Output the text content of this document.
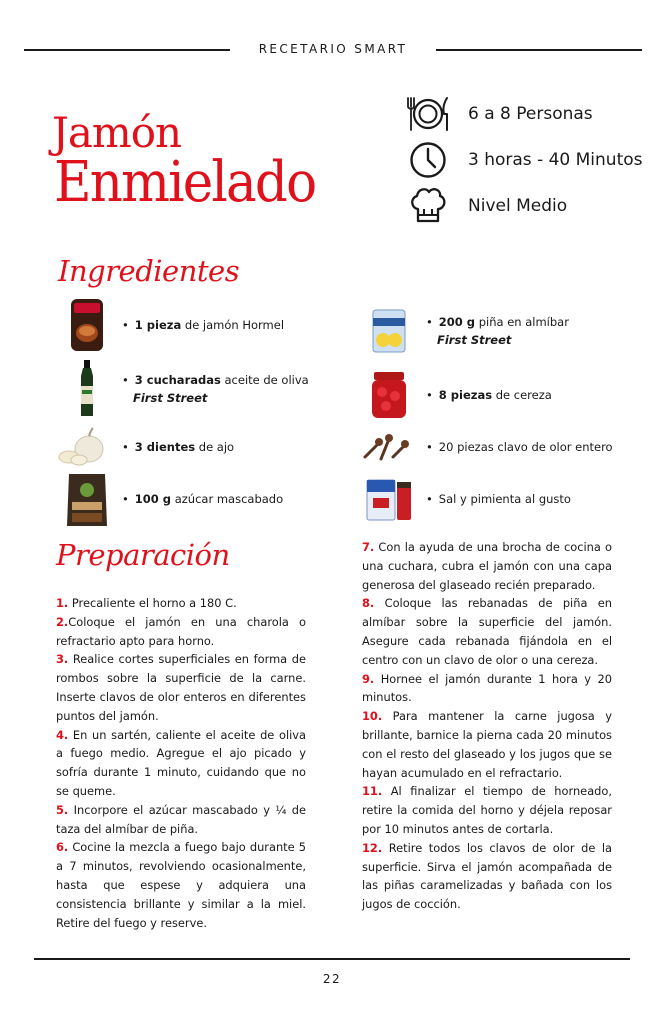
RECETARIO SMART
Jamón
Enmielado
6 a 8 Personas
3 horas - 40 Minutos
Nivel Medio
Ingredientes
• 1 pieza de jamón Hormel
• 3 cucharadas aceite de oliva
First Street
• 3 dientes de ajo
• 100 g azúcar mascabado
• 200 g piña en almíbar
First Street
• 8 piezas de cereza
• 20 piezas clavo de olor entero
• Sal y pimienta al gusto
Preparación

1. Precaliente el horno a 180 C.

2.Coloque el jamón en una charola o refractario apto para horno.

3. Realice cortes superficiales en forma de rombos sobre la superficie de la carne. Inserte clavos de olor enteros en diferentes puntos del jamón.

4. En un sartén, caliente el aceite de oliva a fuego medio. Agregue el ajo picado y sofría durante 1 minuto, cuidando que no se queme.

5. Incorpore el azúcar mascabado y ¼ de taza del almíbar de piña.

6. Cocine la mezcla a fuego bajo durante 5 a 7 minutos, revolviendo ocasionalmente, hasta que espese y adquiera una consistencia brillante y similar a la miel. Retire del fuego y reserve.

7. Con la ayuda de una brocha de cocina o una cuchara, cubra el jamón con una capa generosa del glaseado recién preparado.

8. Coloque las rebanadas de piña en almíbar sobre la superficie del jamón. Asegure cada rebanada fijándola en el centro con un clavo de olor o una cereza.

9. Hornee el jamón durante 1 hora y 20 minutos.

10. Para mantener la carne jugosa y brillante, barnice la pierna cada 20 minutos con el resto del glaseado y los jugos que se hayan acumulado en el refractario.

11. Al finalizar el tiempo de horneado, retire la comida del horno y déjela reposar por 10 minutos antes de cortarla.

12. Retire todos los clavos de olor de la superficie. Sirva el jamón acompañada de las piñas caramelizadas y bañada con los jugos de cocción.

22
